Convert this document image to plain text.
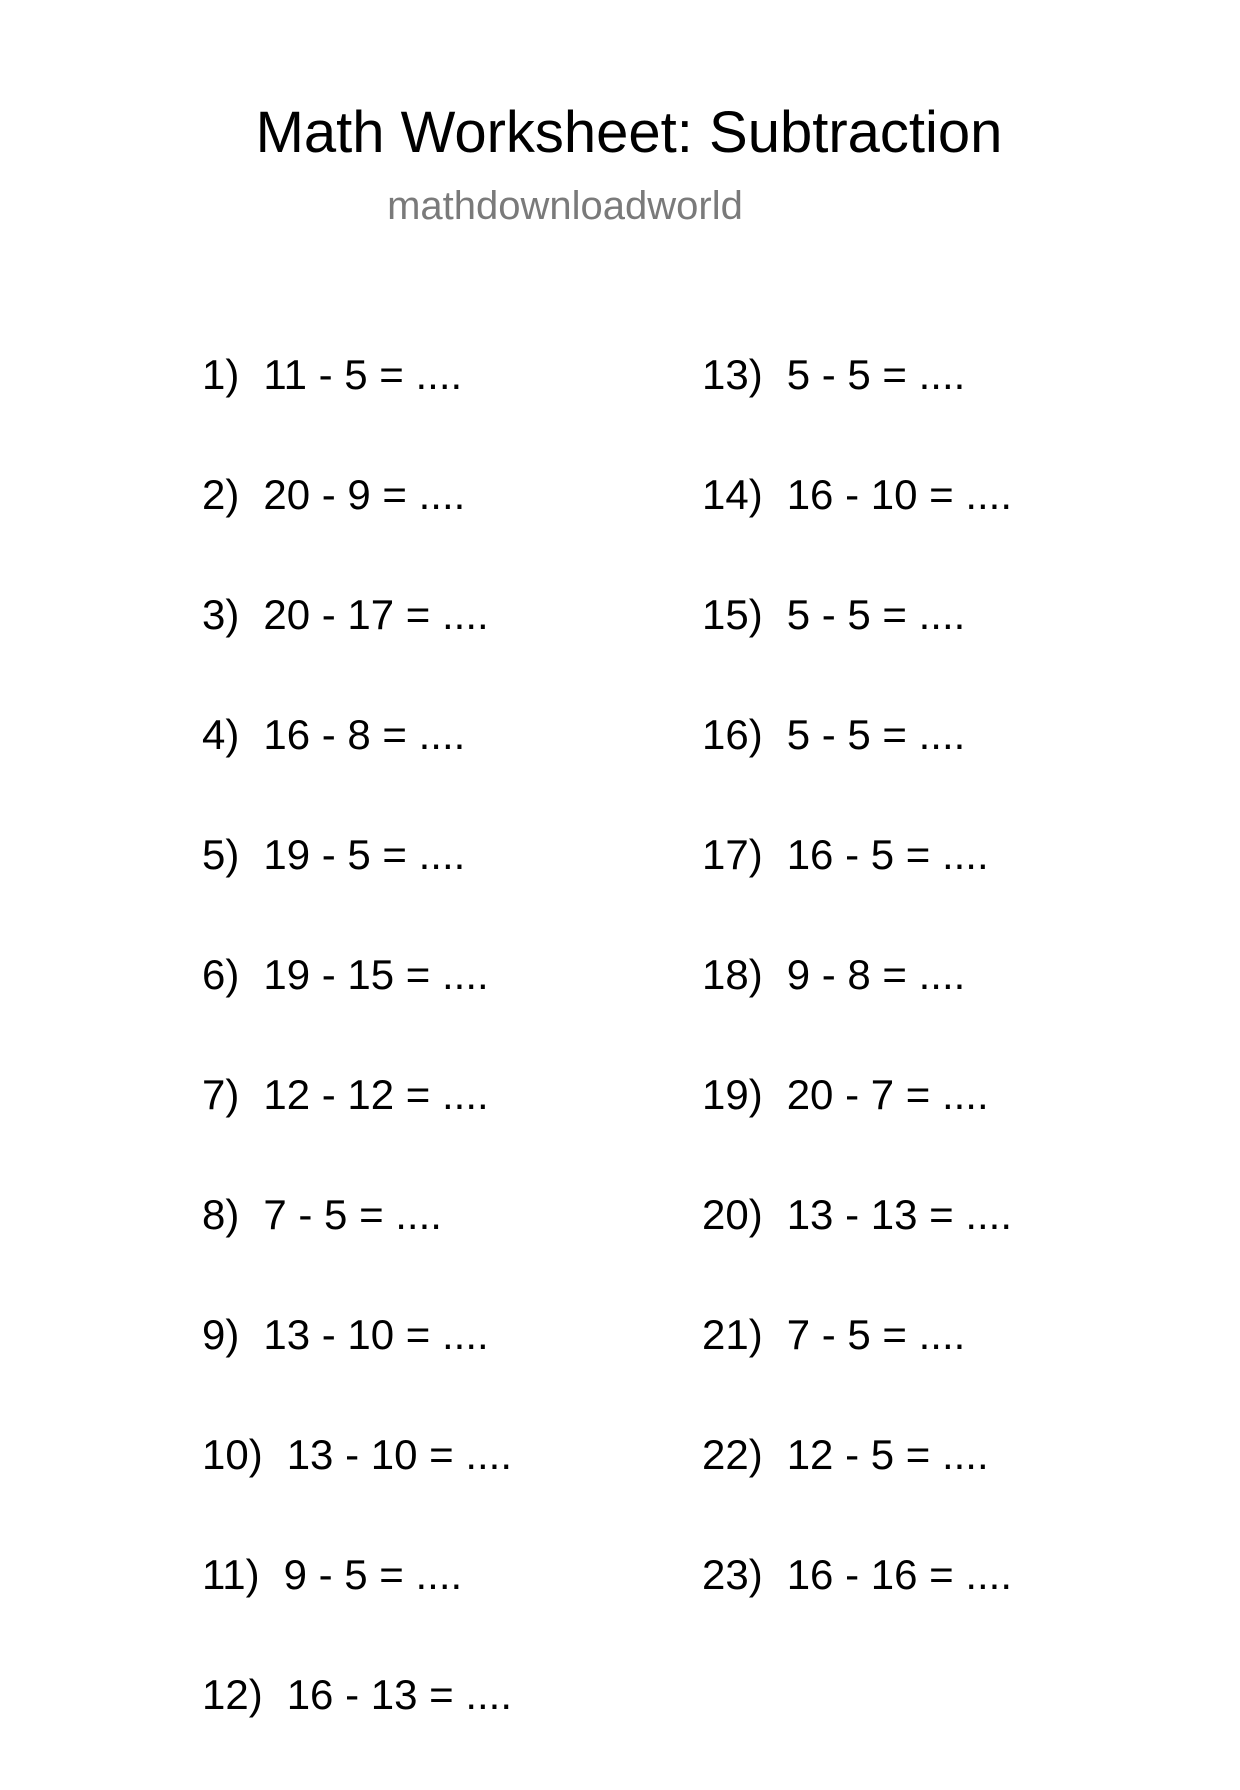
Math Worksheet: Subtraction
mathdownloadworld
1) 11 - 5 = ....
2) 20 - 9 = ....
3) 20 - 17 = ....
4) 16 - 8 = ....
5) 19 - 5 = ....
6) 19 - 15 = ....
7) 12 - 12 = ....
8) 7 - 5 = ....
9) 13 - 10 = ....
10) 13 - 10 = ....
11) 9 - 5 = ....
12) 16 - 13 = ....
13) 5 - 5 = ....
14) 16 - 10 = ....
15) 5 - 5 = ....
16) 5 - 5 = ....
17) 16 - 5 = ....
18) 9 - 8 = ....
19) 20 - 7 = ....
20) 13 - 13 = ....
21) 7 - 5 = ....
22) 12 - 5 = ....
23) 16 - 16 = ....
